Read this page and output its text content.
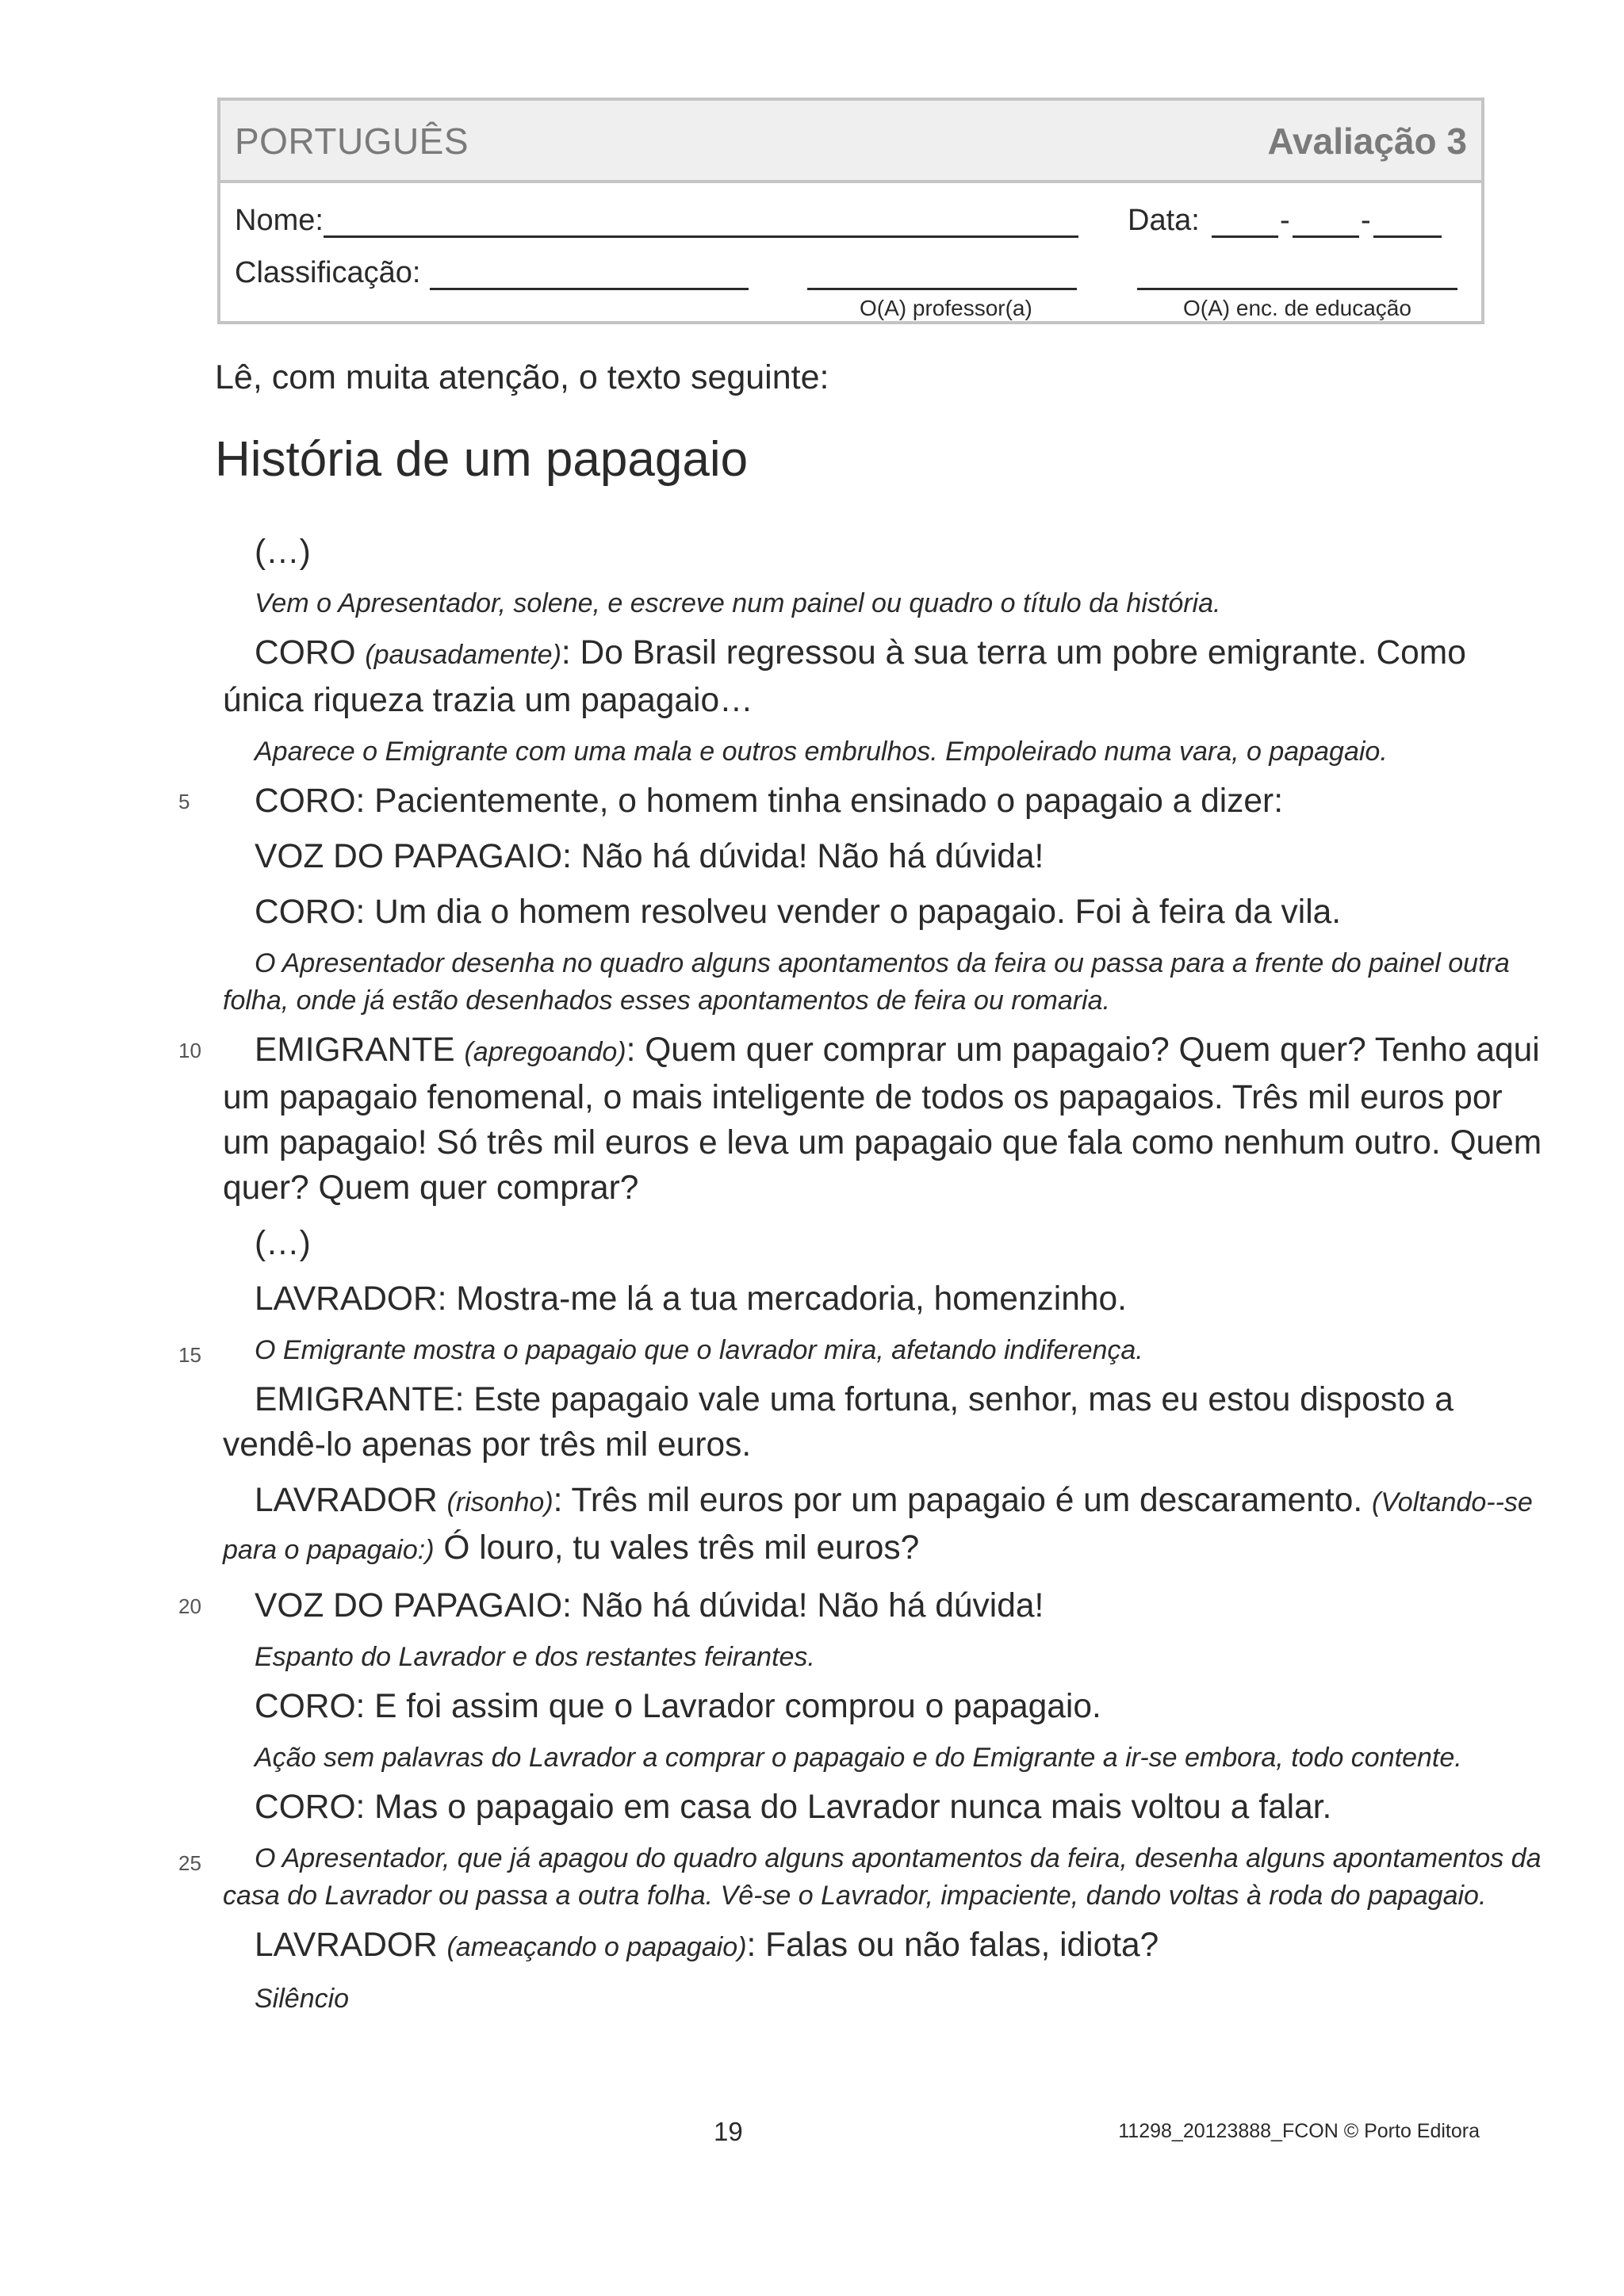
PORTUGUÊS	Avaliação 3
Nome:	Data:	- -
Classificação:
O(A) professor(a)	O(A) enc. de educação
Lê, com muita atenção, o texto seguinte:
História de um papagaio
(…)
Vem o Apresentador, solene, e escreve num painel ou quadro o título da história.
CORO (pausadamente): Do Brasil regressou à sua terra um pobre emigrante. Como única riqueza trazia um papagaio…
Aparece o Emigrante com uma mala e outros embrulhos. Empoleirado numa vara, o papagaio.
5 CORO: Pacientemente, o homem tinha ensinado o papagaio a dizer:
VOZ DO PAPAGAIO: Não há dúvida! Não há dúvida!
CORO: Um dia o homem resolveu vender o papagaio. Foi à feira da vila.
O Apresentador desenha no quadro alguns apontamentos da feira ou passa para a frente do painel outra folha, onde já estão desenhados esses apontamentos de feira ou romaria.
10 EMIGRANTE (apregoando): Quem quer comprar um papagaio? Quem quer? Tenho aqui um papagaio fenomenal, o mais inteligente de todos os papagaios. Três mil euros por um papagaio! Só três mil euros e leva um papagaio que fala como nenhum outro. Quem quer? Quem quer comprar?
(…)
LAVRADOR: Mostra-me lá a tua mercadoria, homenzinho.
15 O Emigrante mostra o papagaio que o lavrador mira, afetando indiferença.
EMIGRANTE: Este papagaio vale uma fortuna, senhor, mas eu estou disposto a vendê-lo apenas por três mil euros.
LAVRADOR (risonho): Três mil euros por um papagaio é um descaramento. (Voltando--se para o papagaio:) Ó louro, tu vales três mil euros?
20 VOZ DO PAPAGAIO: Não há dúvida! Não há dúvida!
Espanto do Lavrador e dos restantes feirantes.
CORO: E foi assim que o Lavrador comprou o papagaio.
Ação sem palavras do Lavrador a comprar o papagaio e do Emigrante a ir-se embora, todo contente.
CORO: Mas o papagaio em casa do Lavrador nunca mais voltou a falar.
25 O Apresentador, que já apagou do quadro alguns apontamentos da feira, desenha alguns apontamentos da casa do Lavrador ou passa a outra folha. Vê-se o Lavrador, impaciente, dando voltas à roda do papagaio.
LAVRADOR (ameaçando o papagaio): Falas ou não falas, idiota?
Silêncio
19	11298_20123888_FCON © Porto Editora
